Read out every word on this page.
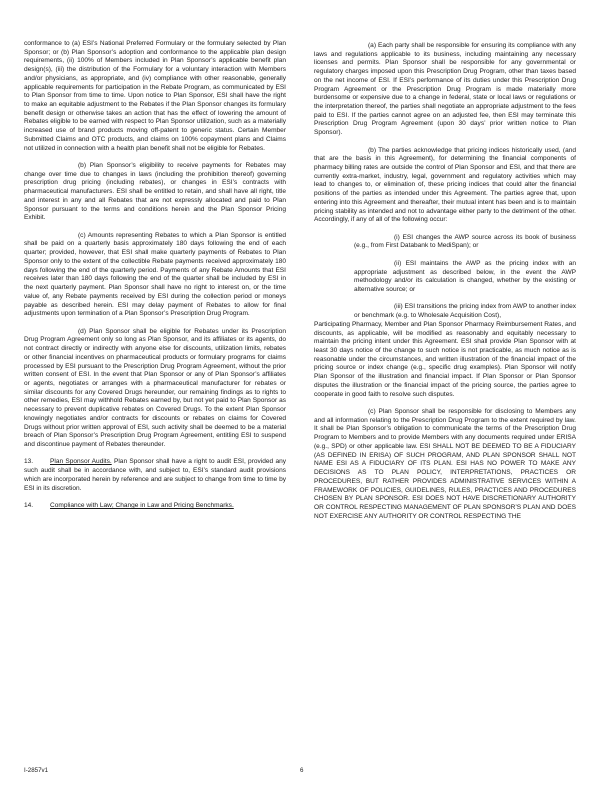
conformance to (a) ESI’s National Preferred Formulary or the formulary selected by Plan Sponsor; or (b) Plan Sponsor’s adoption and conformance to the applicable plan design requirements, (ii) 100% of Members included in Plan Sponsor’s applicable benefit plan design(s), (iii) the distribution of the Formulary for a voluntary interaction with Members and/or physicians, as appropriate, and (iv) compliance with other reasonable, generally applicable requirements for participation in the Rebate Program, as communicated by ESI to Plan Sponsor from time to time. Upon notice to Plan Sponsor, ESI shall have the right to make an equitable adjustment to the Rebates if the Plan Sponsor changes its formulary benefit design or otherwise takes an action that has the effect of lowering the amount of Rebates eligible to be earned with respect to Plan Sponsor utilization, such as a materially increased use of brand products moving off-patent to generic status. Certain Member Submitted Claims and OTC products, and claims on 100% copayment plans and Claims not utilized in connection with a health plan benefit shall not be eligible for Rebates.

(b) Plan Sponsor’s eligibility to receive payments for Rebates may change over time due to changes in laws (including the prohibition thereof) governing prescription drug pricing (including rebates), or changes in ESI’s contracts with pharmaceutical manufacturers. ESI shall be entitled to retain, and shall have all right, title and interest in any and all Rebates that are not expressly allocated and paid to Plan Sponsor pursuant to the terms and conditions herein and the Plan Sponsor Pricing Exhibit.

(c) Amounts representing Rebates to which a Plan Sponsor is entitled shall be paid on a quarterly basis approximately 180 days following the end of each quarter; provided, however, that ESI shall make quarterly payments of Rebates to Plan Sponsor only to the extent of the collectible Rebate payments received approximately 180 days following the end of the quarterly period. Payments of any Rebate Amounts that ESI receives later than 180 days following the end of the quarter shall be included by ESI in the next quarterly payment. Plan Sponsor shall have no right to interest on, or the time value of, any Rebate payments received by ESI during the collection period or moneys payable as described herein. ESI may delay payment of Rebates to allow for final adjustments upon termination of a Plan Sponsor’s Prescription Drug Program.

(d) Plan Sponsor shall be eligible for Rebates under its Prescription Drug Program Agreement only so long as Plan Sponsor, and its affiliates or its agents, do not contract directly or indirectly with anyone else for discounts, utilization limits, rebates or other financial incentives on pharmaceutical products or formulary programs for claims processed by ESI pursuant to the Prescription Drug Program Agreement, without the prior written consent of ESI. In the event that Plan Sponsor or any of Plan Sponsor’s affiliates or agents, negotiates or arranges with a pharmaceutical manufacturer for rebates or similar discounts for any Covered Drugs hereunder, our remaining findings as to rights to other remedies, ESI may withhold Rebates earned by, but not yet paid to Plan Sponsor as necessary to prevent duplicative rebates on Covered Drugs. To the extent Plan Sponsor knowingly negotiates and/or contracts for discounts or rebates on claims for Covered Drugs without prior written approval of ESI, such activity shall be deemed to be a material breach of Plan Sponsor’s Prescription Drug Program Agreement, entitling ESI to suspend and discontinue payment of Rebates thereunder.

13.	Plan Sponsor Audits. Plan Sponsor shall have a right to audit ESI, provided any such audit shall be in accordance with, and subject to, ESI’s standard audit provisions which are incorporated herein by reference and are subject to change from time to time by ESI in its discretion.

14.	Compliance with Law; Change in Law and Pricing Benchmarks.

(a) Each party shall be responsible for ensuring its compliance with any laws and regulations applicable to its business, including maintaining any necessary licenses and permits. Plan Sponsor shall be responsible for any governmental or regulatory charges imposed upon this Prescription Drug Program, other than taxes based on the net income of ESI. If ESI’s performance of its duties under this Prescription Drug Program Agreement or the Prescription Drug Program is made materially more burdensome or expensive due to a change in federal, state or local laws or regulations or the interpretation thereof, the parties shall negotiate an appropriate adjustment to the fees paid to ESI. If the parties cannot agree on an adjusted fee, then ESI may terminate this Prescription Drug Program Agreement (upon 30 days’ prior written notice to Plan Sponsor).

(b) The parties acknowledge that pricing indices historically used, (and that are the basis in this Agreement), for determining the financial components of pharmacy billing rates are outside the control of Plan Sponsor and ESI, and that there are currently extra-market, industry, legal, government and regulatory activities which may lead to changes to, or elimination of, these pricing indices that could alter the financial positions of the parties as intended under this Agreement. The parties agree that, upon entering into this Agreement and thereafter, their mutual intent has been and is to maintain pricing stability as intended and not to advantage either party to the detriment of the other. Accordingly, if any of all of the following occur:

(i) ESI changes the AWP source across its book of business (e.g., from First Databank to MediSpan); or

(ii) ESI maintains the AWP as the pricing index with an appropriate adjustment as described below, in the event the AWP methodology and/or its calculation is changed, whether by the existing or alternative source; or

(iii) ESI transitions the pricing index from AWP to another index or benchmark (e.g. to Wholesale Acquisition Cost),

Participating Pharmacy, Member and Plan Sponsor Pharmacy Reimbursement Rates, and discounts, as applicable, will be modified as reasonably and equitably necessary to maintain the pricing intent under this Agreement. ESI shall provide Plan Sponsor with at least 30 days notice of the change to such notice is not practicable, as much notice as is reasonable under the circumstances, and written illustration of the financial impact of the pricing source or index change (e.g., specific drug examples). Plan Sponsor will notify Plan Sponsor of the illustration and financial impact. If Plan Sponsor or Plan Sponsor disputes the illustration or the financial impact of the pricing source, the parties agree to cooperate in good faith to resolve such disputes.

(c) Plan Sponsor shall be responsible for disclosing to Members any and all information relating to the Prescription Drug Program to the extent required by law. It shall be Plan Sponsor’s obligation to communicate the terms of the Prescription Drug Program to Members and to provide Members with any documents required under ERISA (e.g., SPD) or other applicable law. ESI SHALL NOT BE DEEMED TO BE A FIDUCIARY (AS DEFINED IN ERISA) OF SUCH PROGRAM, AND PLAN SPONSOR SHALL NOT NAME ESI AS A FIDUCIARY OF ITS PLAN. ESI HAS NO POWER TO MAKE ANY DECISIONS AS TO PLAN POLICY, INTERPRETATIONS, PRACTICES OR PROCEDURES, BUT RATHER PROVIDES ADMINISTRATIVE SERVICES WITHIN A FRAMEWORK OF POLICIES, GUIDELINES, RULES, PRACTICES AND PROCEDURES CHOSEN BY PLAN SPONSOR. ESI DOES NOT HAVE DISCRETIONARY AUTHORITY OR CONTROL RESPECTING MANAGEMENT OF PLAN SPONSOR’S PLAN AND DOES NOT EXERCISE ANY AUTHORITY OR CONTROL RESPECTING THE

I-2857v1	6
